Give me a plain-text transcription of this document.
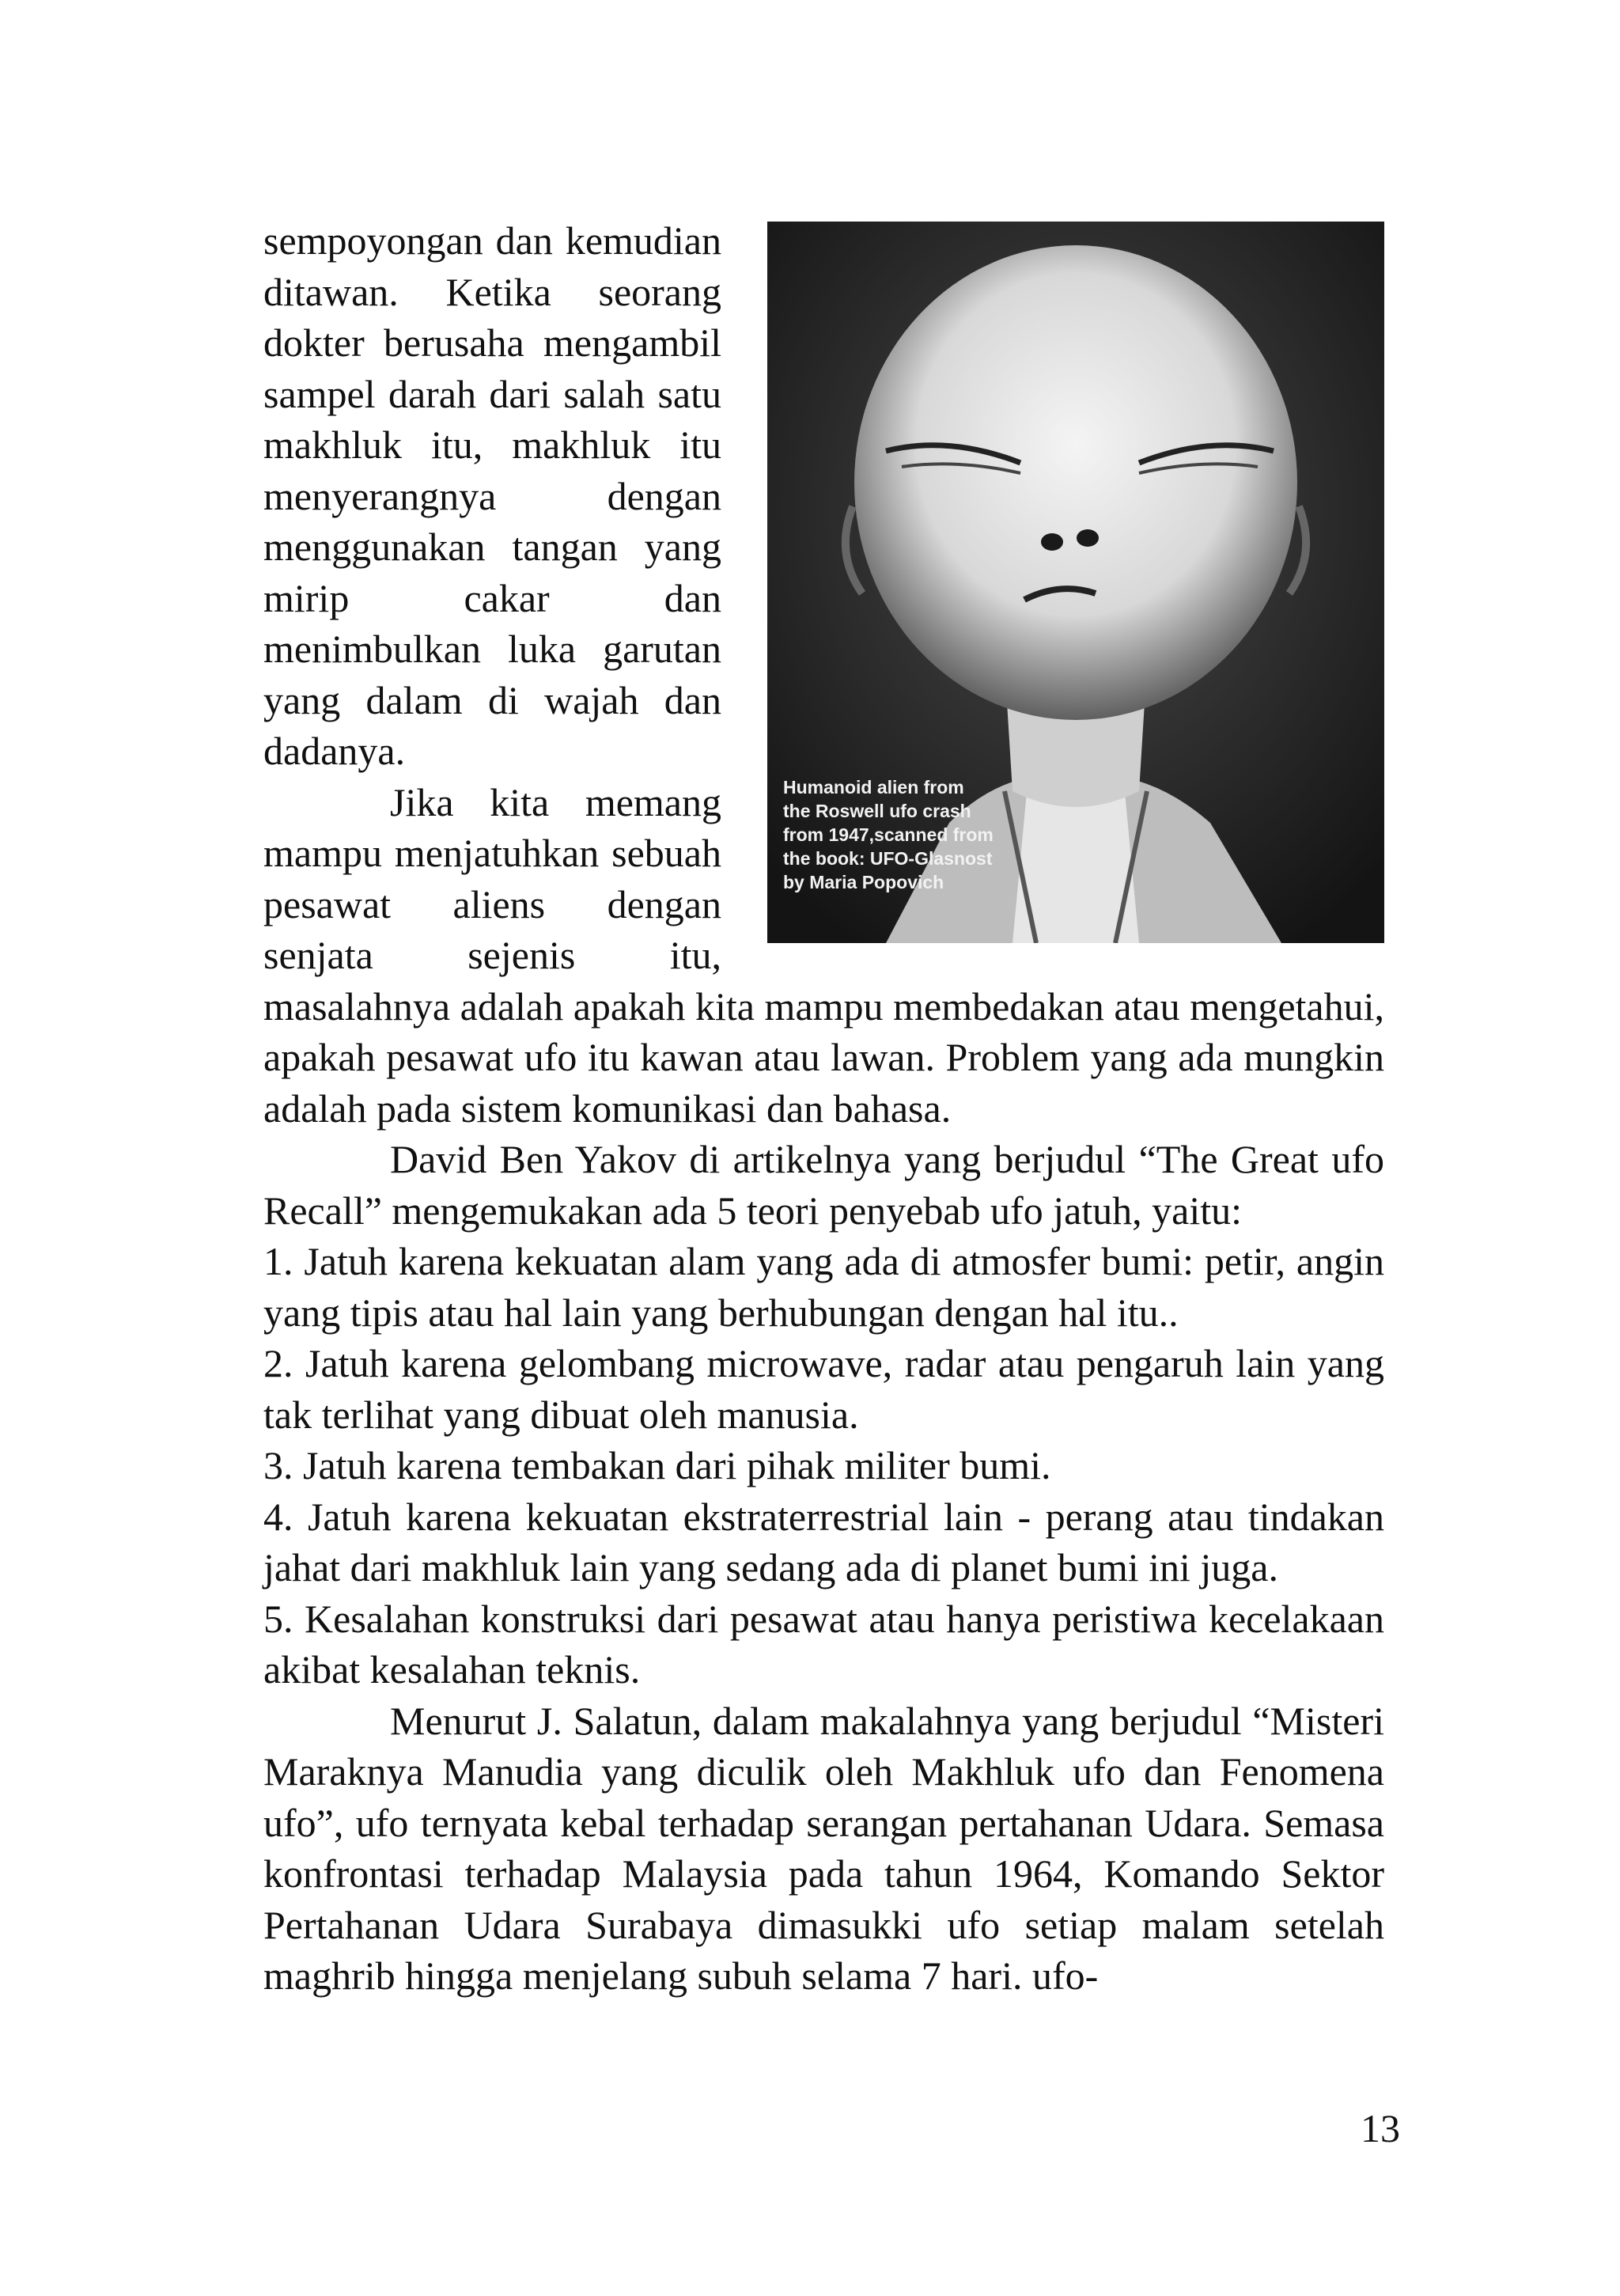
Humanoid alien from
the Roswell ufo crash
from 1947,scanned from
the book: UFO-Glasnost
by Maria Popovich

sempoyongan dan kemudian ditawan. Ketika seorang dokter berusaha mengambil sampel darah dari salah satu makhluk itu, makhluk itu menyerangnya dengan menggunakan tangan yang mirip cakar dan menimbulkan luka garutan yang dalam di wajah dan dadanya.

Jika kita memang mampu menjatuhkan sebuah pesawat aliens dengan senjata sejenis itu, masalahnya adalah apakah kita mampu membedakan atau mengetahui, apakah pesawat ufo itu kawan atau lawan. Problem yang ada mungkin adalah pada sistem komunikasi dan bahasa.

David Ben Yakov di artikelnya yang berjudul “The Great ufo Recall” mengemukakan ada 5 teori penyebab ufo jatuh, yaitu:

1. Jatuh karena kekuatan alam yang ada di atmosfer bumi: petir, angin yang tipis atau hal lain yang berhubungan dengan hal itu..
2. Jatuh karena gelombang microwave, radar atau pengaruh lain yang tak terlihat yang dibuat oleh manusia.
3. Jatuh karena tembakan dari pihak militer bumi.
4. Jatuh karena kekuatan ekstraterrestrial lain - perang atau tindakan jahat dari makhluk lain yang sedang ada di planet bumi ini juga.
5. Kesalahan konstruksi dari pesawat atau hanya peristiwa kecelakaan akibat kesalahan teknis.

Menurut J. Salatun, dalam makalahnya yang berjudul “Misteri Maraknya Manudia yang diculik oleh Makhluk ufo dan Fenomena ufo”, ufo ternyata kebal terhadap serangan pertahanan Udara. Semasa konfrontasi terhadap Malaysia pada tahun 1964, Komando Sektor Pertahanan Udara Surabaya dimasukki ufo setiap malam setelah maghrib hingga menjelang subuh selama 7 hari. ufo-

13
